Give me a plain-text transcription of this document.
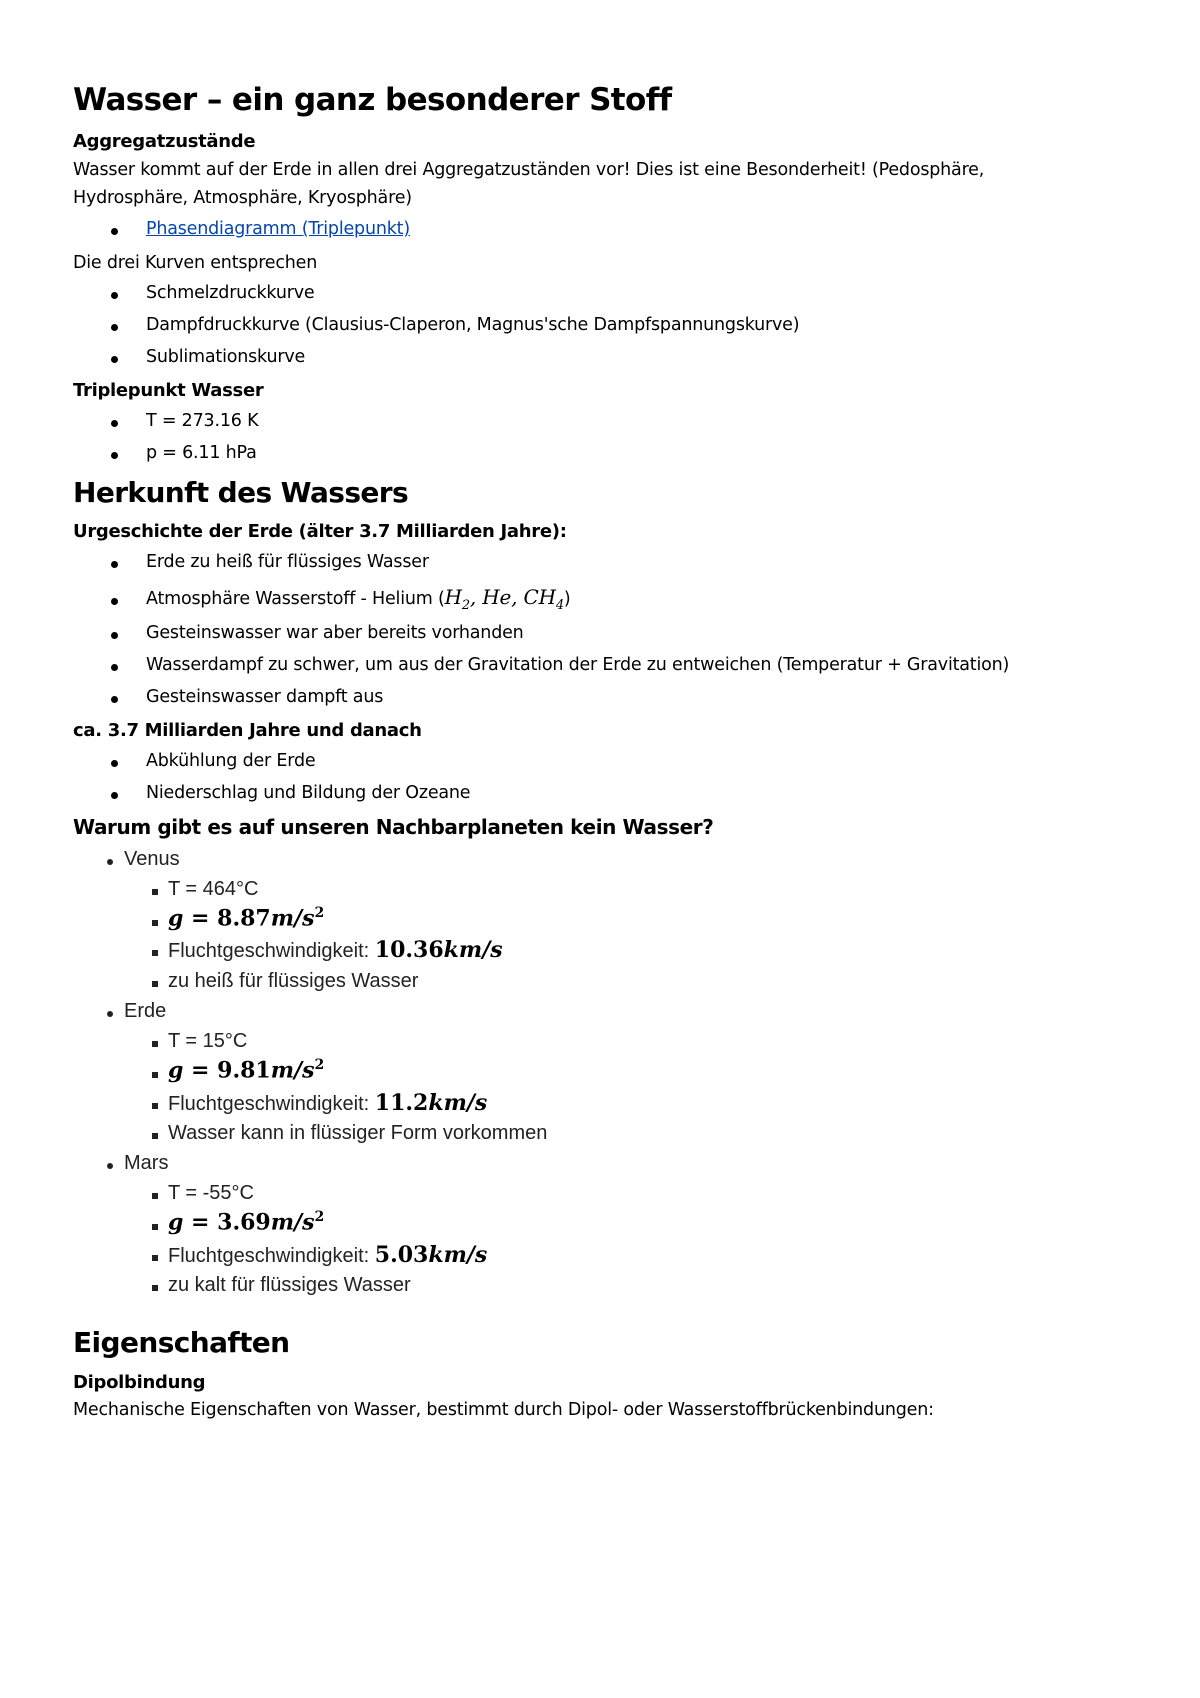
Wasser – ein ganz besonderer Stoff
Aggregatzustände

Wasser kommt auf der Erde in allen drei Aggregatzuständen vor! Dies ist eine Besonderheit! (Pedosphäre, Hydrosphäre, Atmosphäre, Kryosphäre)

Phasendiagramm (Triplepunkt)

Die drei Kurven entsprechen

Schmelzdruckkurve
Dampfdruckkurve (Clausius-Claperon, Magnus'sche Dampfspannungskurve)
Sublimationskurve
Triplepunkt Wasser
T = 273.16 K
p = 6.11 hPa
Herkunft des Wassers
Urgeschichte der Erde (älter 3.7 Milliarden Jahre):
Erde zu heiß für flüssiges Wasser
Atmosphäre Wasserstoff - Helium ($H_2$, He, $CH_4$)
Gesteinswasser war aber bereits vorhanden
Wasserdampf zu schwer, um aus der Gravitation der Erde zu entweichen (Temperatur + Gravitation)
Gesteinswasser dampft aus
ca. 3.7 Milliarden Jahre und danach
Abkühlung der Erde
Niederschlag und Bildung der Ozeane
Warum gibt es auf unseren Nachbarplaneten kein Wasser?
Venus
T = 464°C
$g = 8.87m/s^2$
Fluchtgeschwindigkeit: 10.36km/s
zu heiß für flüssiges Wasser
Erde
T = 15°C
$g = 9.81m/s^2$
Fluchtgeschwindigkeit: 11.2km/s
Wasser kann in flüssiger Form vorkommen
Mars
T = -55°C
$g = 3.69m/s^2$
Fluchtgeschwindigkeit: 5.03km/s
zu kalt für flüssiges Wasser
Eigenschaften
Dipolbindung

Mechanische Eigenschaften von Wasser, bestimmt durch Dipol- oder Wasserstoffbrückenbindungen:
